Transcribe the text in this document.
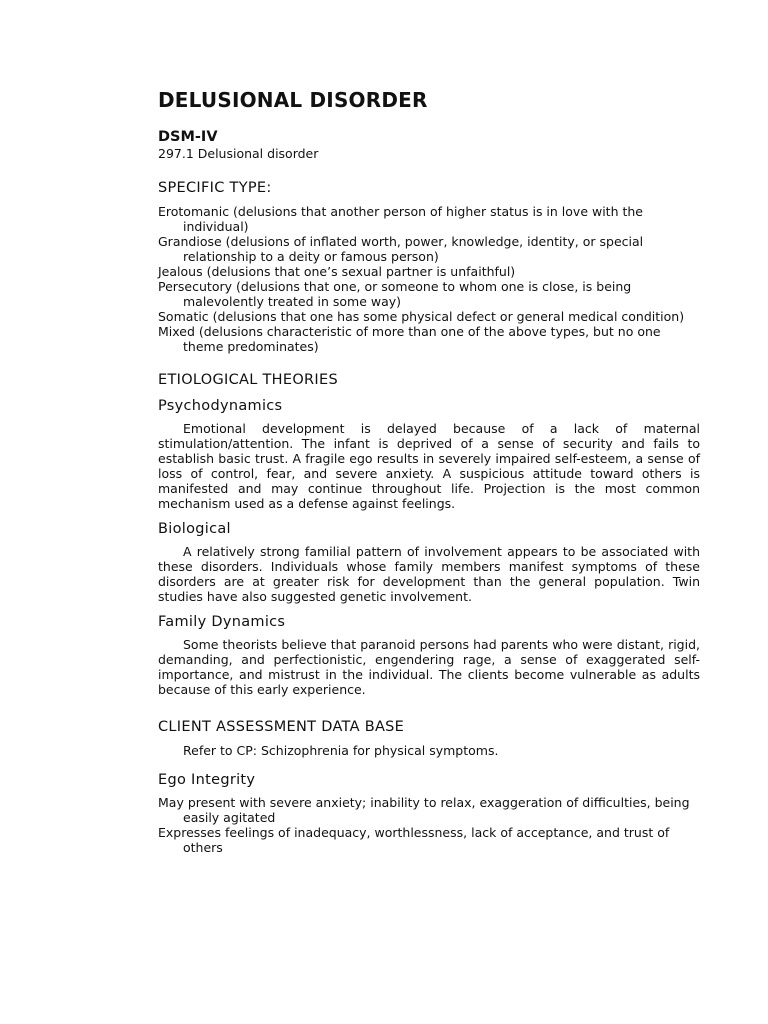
DELUSIONAL DISORDER
DSM-IV
297.1 Delusional disorder
SPECIFIC TYPE:
Erotomanic (delusions that another person of higher status is in love with the individual)
Grandiose (delusions of inflated worth, power, knowledge, identity, or special relationship to a deity or famous person)
Jealous (delusions that one’s sexual partner is unfaithful)
Persecutory (delusions that one, or someone to whom one is close, is being malevolently treated in some way)
Somatic (delusions that one has some physical defect or general medical condition)
Mixed (delusions characteristic of more than one of the above types, but no one theme predominates)
ETIOLOGICAL THEORIES
Psychodynamics

Emotional development is delayed because of a lack of maternal stimulation/attention. The infant is deprived of a sense of security and fails to establish basic trust. A fragile ego results in severely impaired self-esteem, a sense of loss of control, fear, and severe anxiety. A suspicious attitude toward others is manifested and may continue throughout life. Projection is the most common mechanism used as a defense against feelings.

Biological

A relatively strong familial pattern of involvement appears to be associated with these disorders. Individuals whose family members manifest symptoms of these disorders are at greater risk for development than the general population. Twin studies have also suggested genetic involvement.

Family Dynamics

Some theorists believe that paranoid persons had parents who were distant, rigid, demanding, and perfectionistic, engendering rage, a sense of exaggerated self-importance, and mistrust in the individual. The clients become vulnerable as adults because of this early experience.

CLIENT ASSESSMENT DATA BASE

Refer to CP: Schizophrenia for physical symptoms.

Ego Integrity
May present with severe anxiety; inability to relax, exaggeration of difficulties, being easily agitated
Expresses feelings of inadequacy, worthlessness, lack of acceptance, and trust of others
